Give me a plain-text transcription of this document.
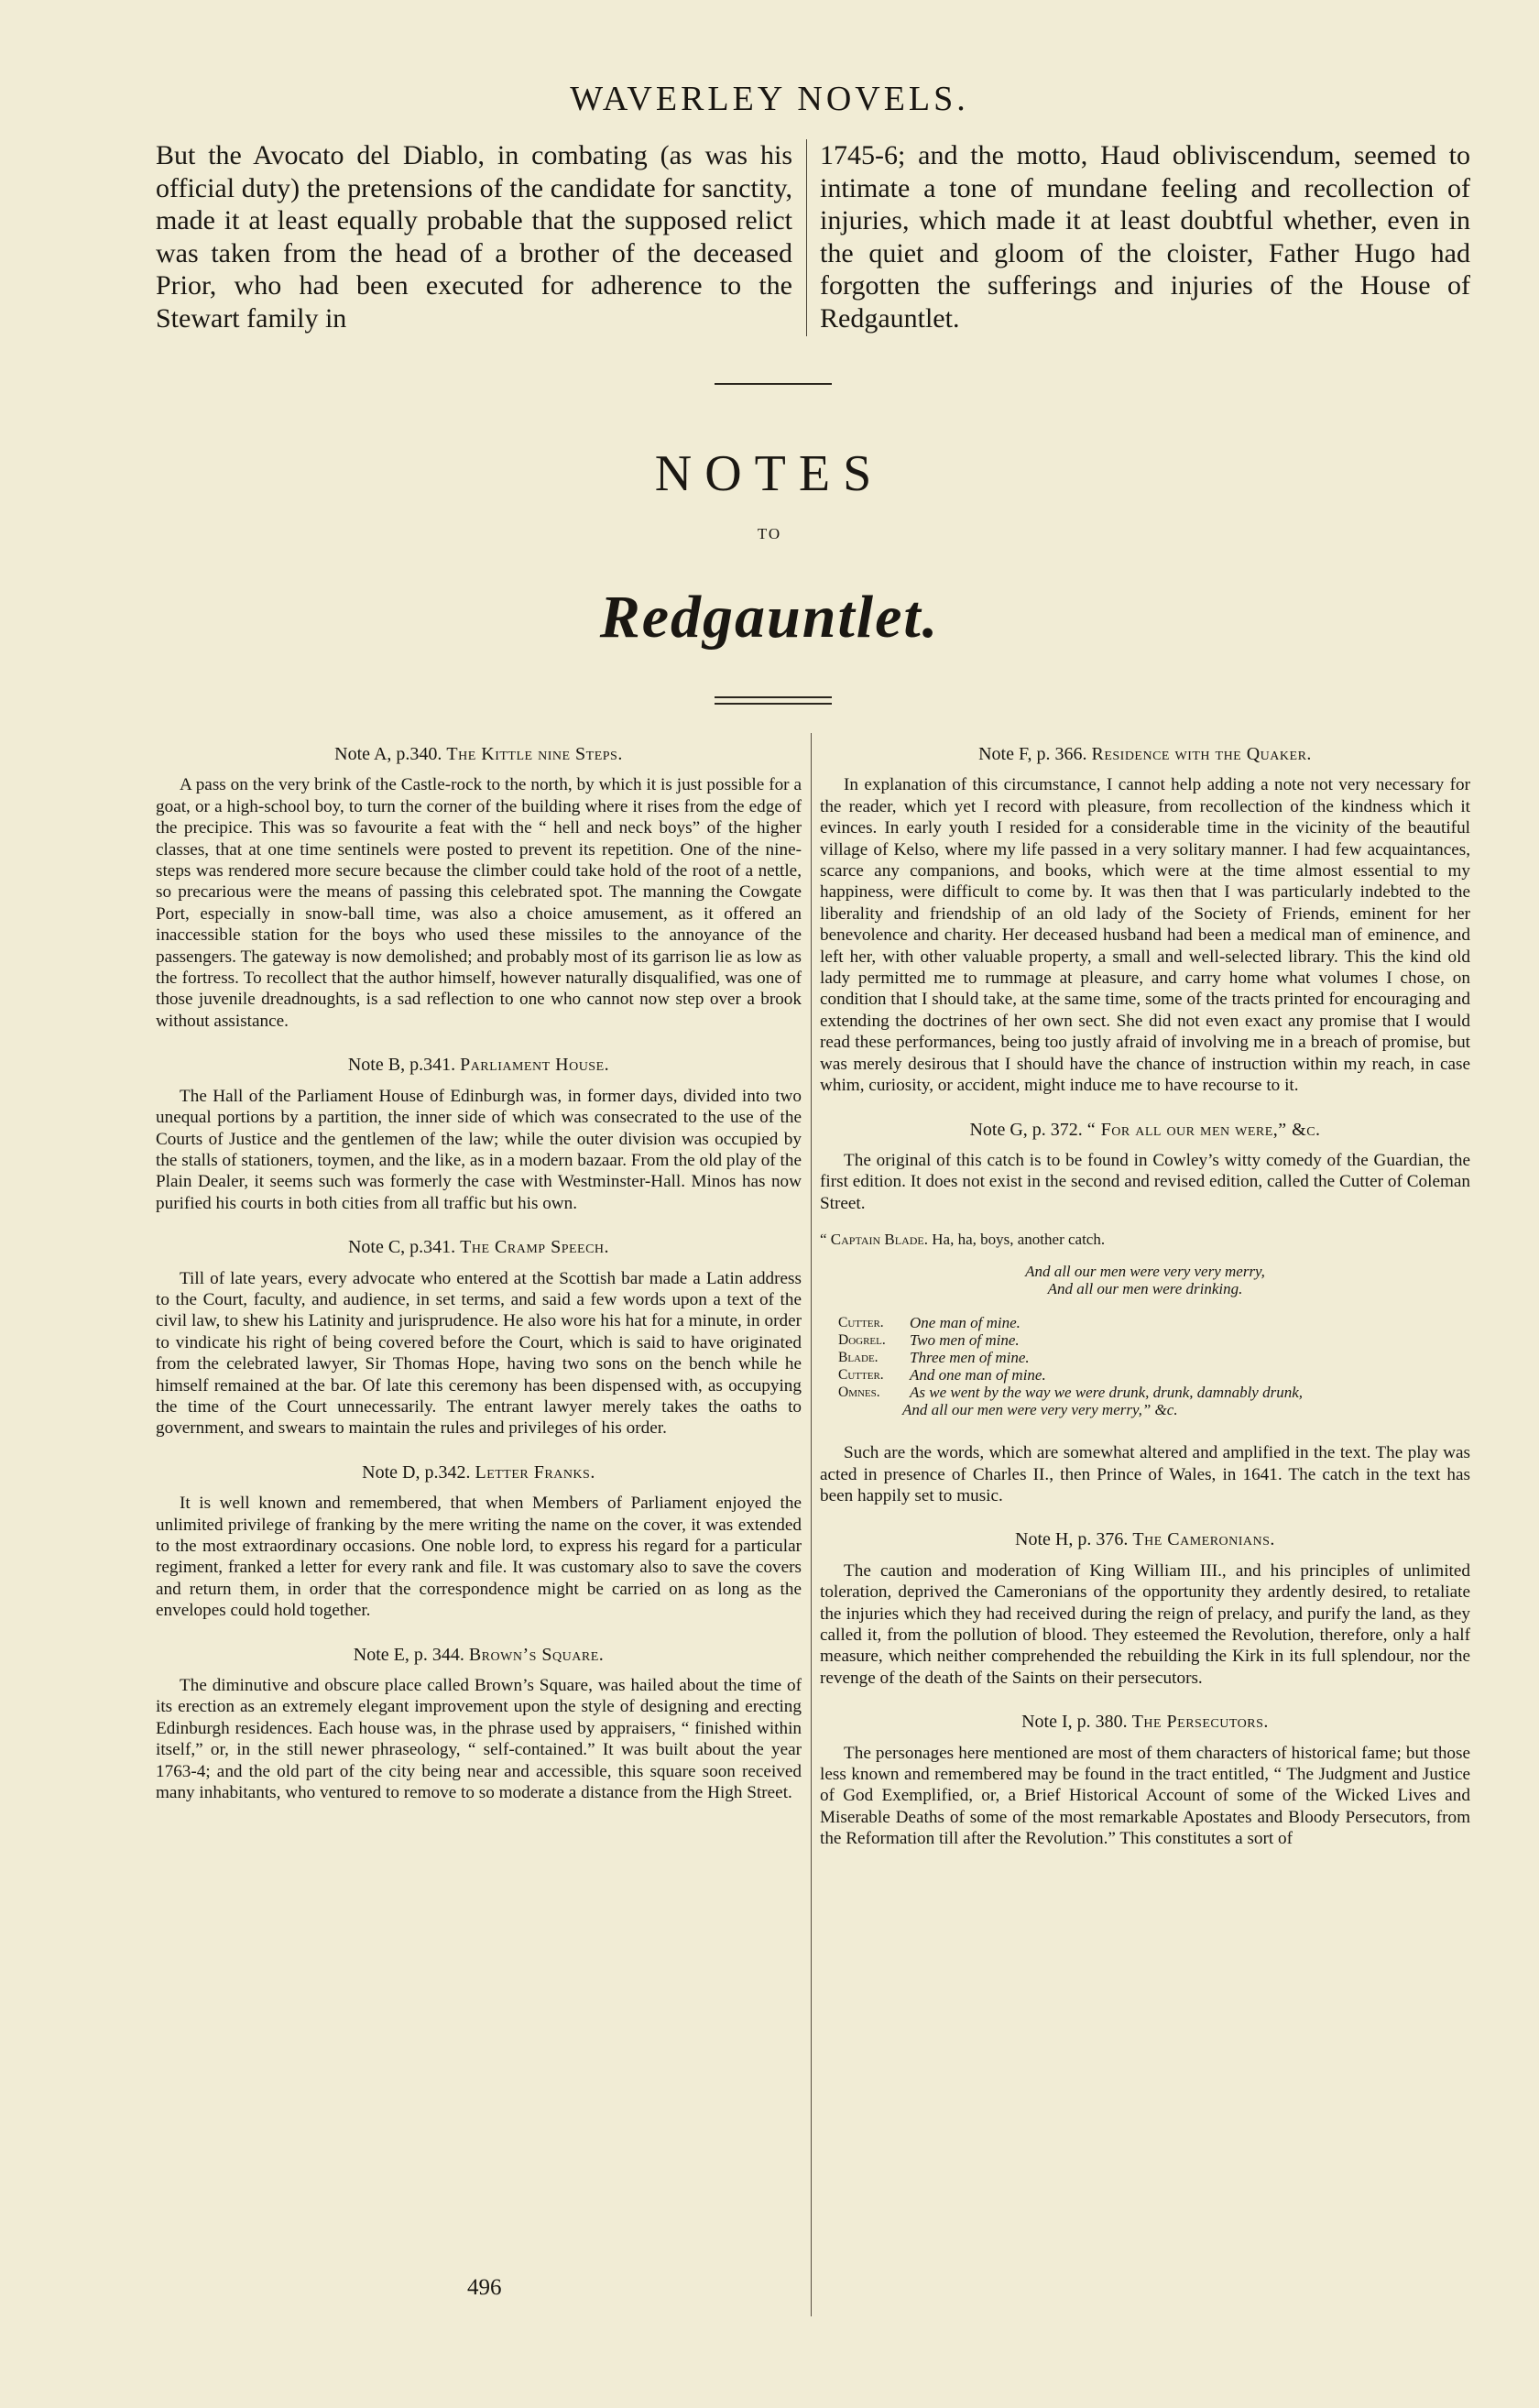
WAVERLEY NOVELS.
But the Avocato del Diablo, in combating (as was his official duty) the pretensions of the candidate for sanctity, made it at least equally probable that the supposed relict was taken from the head of a brother of the deceased Prior, who had been executed for adherence to the Stewart family in
1745-6; and the motto, Haud obliviscendum, seemed to intimate a tone of mundane feeling and recollection of injuries, which made it at least doubtful whether, even in the quiet and gloom of the cloister, Father Hugo had forgotten the sufferings and injuries of the House of Redgauntlet.
NOTES
TO
Redgauntlet.
Note A, p.340. The Kittle nine Steps.
A pass on the very brink of the Castle-rock to the north, by which it is just possible for a goat, or a high-school boy, to turn the corner of the building where it rises from the edge of the precipice. This was so favourite a feat with the “ hell and neck boys” of the higher classes, that at one time sentinels were posted to prevent its repetition. One of the nine-steps was rendered more secure because the climber could take hold of the root of a nettle, so precarious were the means of passing this celebrated spot. The manning the Cowgate Port, especially in snow-ball time, was also a choice amusement, as it offered an inaccessible station for the boys who used these missiles to the annoyance of the passengers. The gateway is now demolished; and probably most of its garrison lie as low as the fortress. To recollect that the author himself, however naturally disqualified, was one of those juvenile dreadnoughts, is a sad reflection to one who cannot now step over a brook without assistance.
Note B, p.341. Parliament House.
The Hall of the Parliament House of Edinburgh was, in former days, divided into two unequal portions by a partition, the inner side of which was consecrated to the use of the Courts of Justice and the gentlemen of the law; while the outer division was occupied by the stalls of stationers, toymen, and the like, as in a modern bazaar. From the old play of the Plain Dealer, it seems such was formerly the case with Westminster-Hall. Minos has now purified his courts in both cities from all traffic but his own.
Note C, p.341. The Cramp Speech.
Till of late years, every advocate who entered at the Scottish bar made a Latin address to the Court, faculty, and audience, in set terms, and said a few words upon a text of the civil law, to shew his Latinity and jurisprudence. He also wore his hat for a minute, in order to vindicate his right of being covered before the Court, which is said to have originated from the celebrated lawyer, Sir Thomas Hope, having two sons on the bench while he himself remained at the bar. Of late this ceremony has been dispensed with, as occupying the time of the Court unnecessarily. The entrant lawyer merely takes the oaths to government, and swears to maintain the rules and privileges of his order.
Note D, p.342. Letter Franks.
It is well known and remembered, that when Members of Parliament enjoyed the unlimited privilege of franking by the mere writing the name on the cover, it was extended to the most extraordinary occasions. One noble lord, to express his regard for a particular regiment, franked a letter for every rank and file. It was customary also to save the covers and return them, in order that the correspondence might be carried on as long as the envelopes could hold together.
Note E, p. 344. Brown’s Square.
The diminutive and obscure place called Brown’s Square, was hailed about the time of its erection as an extremely elegant improvement upon the style of designing and erecting Edinburgh residences. Each house was, in the phrase used by appraisers, “ finished within itself,” or, in the still newer phraseology, “ self-contained.” It was built about the year 1763-4; and the old part of the city being near and accessible, this square soon received many inhabitants, who ventured to remove to so moderate a distance from the High Street.
Note F, p. 366. Residence with the Quaker.
In explanation of this circumstance, I cannot help adding a note not very necessary for the reader, which yet I record with pleasure, from recollection of the kindness which it evinces. In early youth I resided for a considerable time in the vicinity of the beautiful village of Kelso, where my life passed in a very solitary manner. I had few acquaintances, scarce any companions, and books, which were at the time almost essential to my happiness, were difficult to come by. It was then that I was particularly indebted to the liberality and friendship of an old lady of the Society of Friends, eminent for her benevolence and charity. Her deceased husband had been a medical man of eminence, and left her, with other valuable property, a small and well-selected library. This the kind old lady permitted me to rummage at pleasure, and carry home what volumes I chose, on condition that I should take, at the same time, some of the tracts printed for encouraging and extending the doctrines of her own sect. She did not even exact any promise that I would read these performances, being too justly afraid of involving me in a breach of promise, but was merely desirous that I should have the chance of instruction within my reach, in case whim, curiosity, or accident, might induce me to have recourse to it.
Note G, p. 372. “ For all our men were,” &c.
The original of this catch is to be found in Cowley’s witty comedy of the Guardian, the first edition. It does not exist in the second and revised edition, called the Cutter of Coleman Street.
“ Captain Blade. Ha, ha, boys, another catch.
And all our men were very very merry,
And all our men were drinking.
Cutter.	One man of mine.
Dogrel.	Two men of mine.
Blade.	Three men of mine.
Cutter.	And one man of mine.
Omnes.	As we went by the way we were drunk, drunk, damnably drunk,
And all our men were very very merry,” &c.
Such are the words, which are somewhat altered and amplified in the text. The play was acted in presence of Charles II., then Prince of Wales, in 1641. The catch in the text has been happily set to music.
Note H, p. 376. The Cameronians.
The caution and moderation of King William III., and his principles of unlimited toleration, deprived the Cameronians of the opportunity they ardently desired, to retaliate the injuries which they had received during the reign of prelacy, and purify the land, as they called it, from the pollution of blood. They esteemed the Revolution, therefore, only a half measure, which neither comprehended the rebuilding the Kirk in its full splendour, nor the revenge of the death of the Saints on their persecutors.
Note I, p. 380. The Persecutors.
The personages here mentioned are most of them characters of historical fame; but those less known and remembered may be found in the tract entitled, “ The Judgment and Justice of God Exemplified, or, a Brief Historical Account of some of the Wicked Lives and Miserable Deaths of some of the most remarkable Apostates and Bloody Persecutors, from the Reformation till after the Revolution.” This constitutes a sort of
496
